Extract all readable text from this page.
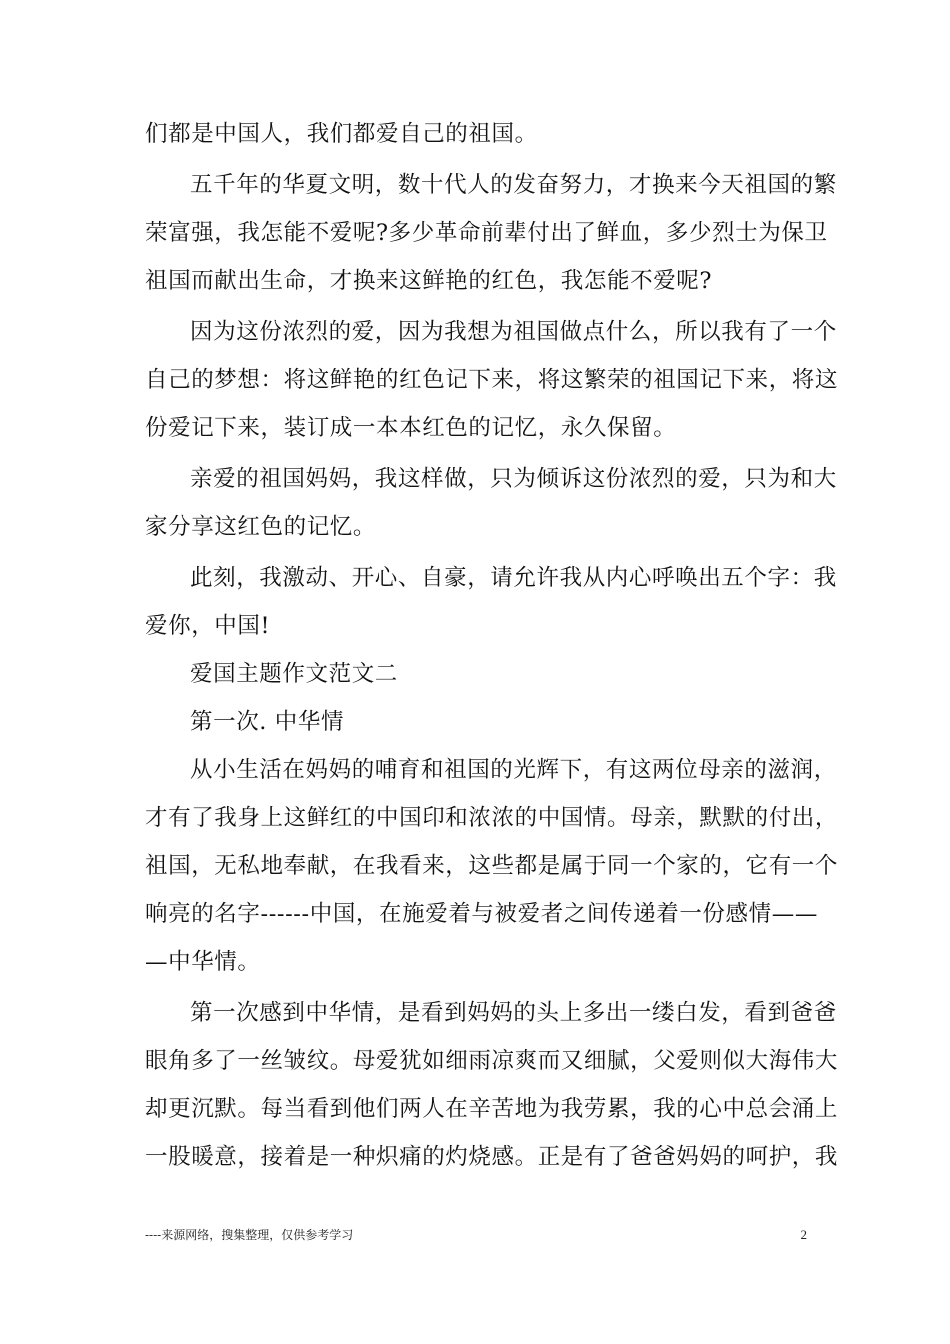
们都是中国人，我们都爱自己的祖国。
五千年的华夏文明，数十代人的发奋努力，才换来今天祖国的繁
荣富强，我怎能不爱呢?多少革命前辈付出了鲜血，多少烈士为保卫
祖国而献出生命，才换来这鲜艳的红色，我怎能不爱呢?
因为这份浓烈的爱，因为我想为祖国做点什么，所以我有了一个
自己的梦想：将这鲜艳的红色记下来，将这繁荣的祖国记下来，将这
份爱记下来，装订成一本本红色的记忆，永久保留。
亲爱的祖国妈妈，我这样做，只为倾诉这份浓烈的爱，只为和大
家分享这红色的记忆。
此刻，我激动、开心、自豪，请允许我从内心呼唤出五个字：我
爱你，中国!
爱国主题作文范文二
第一次. 中华情
从小生活在妈妈的哺育和祖国的光辉下，有这两位母亲的滋润，
才有了我身上这鲜红的中国印和浓浓的中国情。母亲，默默的付出，
祖国，无私地奉献，在我看来，这些都是属于同一个家的，它有一个
响亮的名字------中国，在施爱着与被爱者之间传递着一份感情——
—中华情。
第一次感到中华情，是看到妈妈的头上多出一缕白发，看到爸爸
眼角多了一丝皱纹。母爱犹如细雨凉爽而又细腻，父爱则似大海伟大
却更沉默。每当看到他们两人在辛苦地为我劳累，我的心中总会涌上
一股暖意，接着是一种炽痛的灼烧感。正是有了爸爸妈妈的呵护，我
----来源网络，搜集整理，仅供参考学习	2
